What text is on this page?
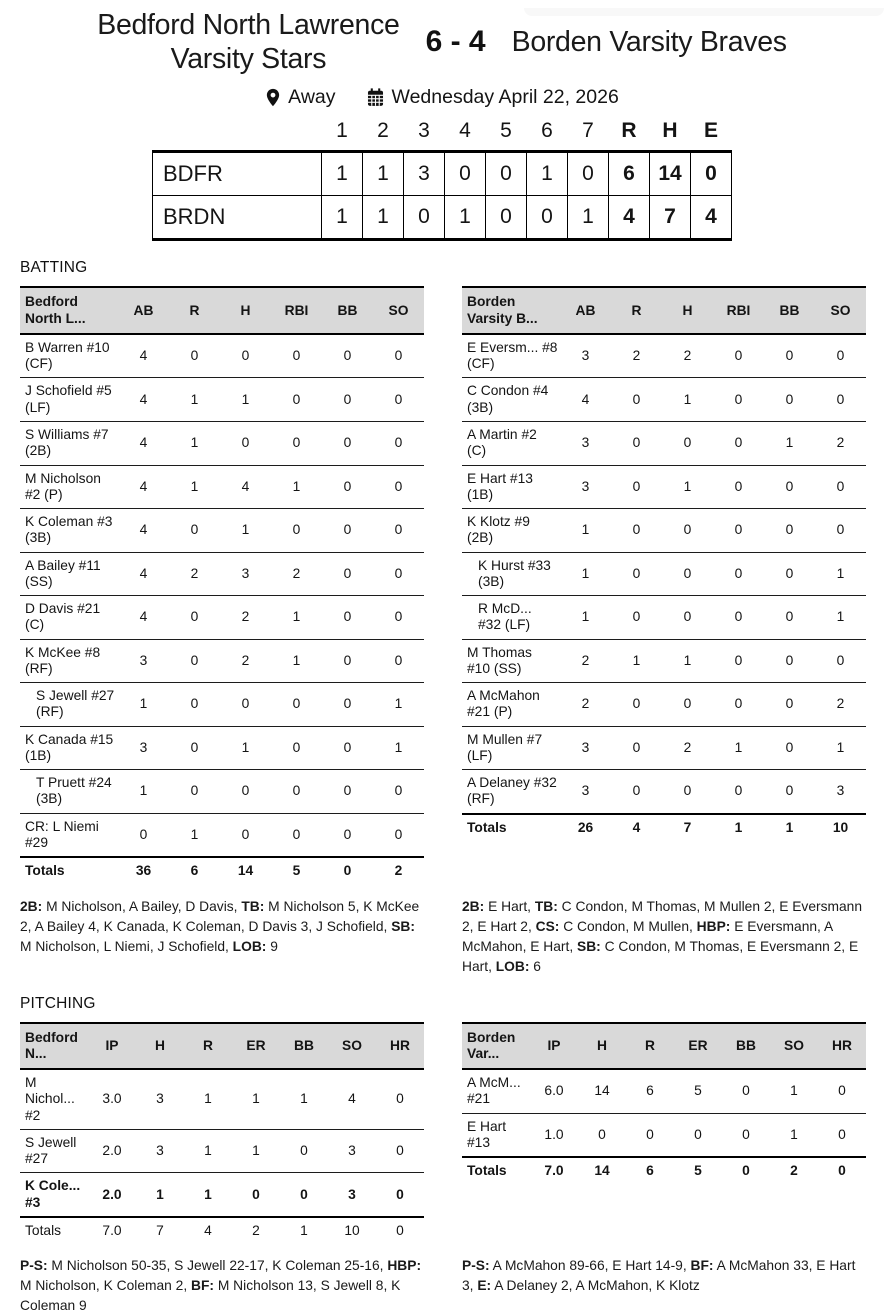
Bedford North Lawrence
Varsity Stars
6 - 4 Borden Varsity Braves
Away	Wednesday April 22, 2026
	1	2	3	4	5	6	7	R	H	E
BDFR	1	1	3	0	0	1	0	6	14	0
BRDN	1	1	0	1	0	0	1	4	7	4
BATTING
Bedford North L...	AB	R	H	RBI	BB	SO
B Warren #10 (CF)	4	0	0	0	0	0
J Schofield #5 (LF)	4	1	1	0	0	0
S Williams #7 (2B)	4	1	0	0	0	0
M Nicholson #2 (P)	4	1	4	1	0	0
K Coleman #3 (3B)	4	0	1	0	0	0
A Bailey #11 (SS)	4	2	3	2	0	0
D Davis #21 (C)	4	0	2	1	0	0
K McKee #8 (RF)	3	0	2	1	0	0
S Jewell #27 (RF)	1	0	0	0	0	1
K Canada #15 (1B)	3	0	1	0	0	1
T Pruett #24 (3B)	1	0	0	0	0	0
CR: L Niemi #29	0	1	0	0	0	0
Totals	36	6	14	5	0	2
Borden Varsity B...	AB	R	H	RBI	BB	SO
E Eversm... #8 (CF)	3	2	2	0	0	0
C Condon #4 (3B)	4	0	1	0	0	0
A Martin #2 (C)	3	0	0	0	1	2
E Hart #13 (1B)	3	0	1	0	0	0
K Klotz #9 (2B)	1	0	0	0	0	0
K Hurst #33 (3B)	1	0	0	0	0	1
R McD... #32 (LF)	1	0	0	0	0	1
M Thomas #10 (SS)	2	1	1	0	0	0
A McMahon #21 (P)	2	0	0	0	0	2
M Mullen #7 (LF)	3	0	2	1	0	1
A Delaney #32 (RF)	3	0	0	0	0	3
Totals	26	4	7	1	1	10

2B: M Nicholson, A Bailey, D Davis, TB: M Nicholson 5, K McKee 2, A Bailey 4, K Canada, K Coleman, D Davis 3, J Schofield, SB: M Nicholson, L Niemi, J Schofield, LOB: 9

2B: E Hart, TB: C Condon, M Thomas, M Mullen 2, E Eversmann 2, E Hart 2, CS: C Condon, M Mullen, HBP: E Eversmann, A McMahon, E Hart, SB: C Condon, M Thomas, E Eversmann 2, E Hart, LOB: 6

PITCHING
Bedford N...	IP	H	R	ER	BB	SO	HR
M Nichol... #2	3.0	3	1	1	1	4	0
S Jewell #27	2.0	3	1	1	0	3	0
K Cole... #3	2.0	1	1	0	0	3	0
Totals	7.0	7	4	2	1	10	0
Borden Var...	IP	H	R	ER	BB	SO	HR
A McM... #21	6.0	14	6	5	0	1	0
E Hart #13	1.0	0	0	0	0	1	0
Totals	7.0	14	6	5	0	2	0

P-S: M Nicholson 50-35, S Jewell 22-17, K Coleman 25-16, HBP: M Nicholson, K Coleman 2, BF: M Nicholson 13, S Jewell 8, K Coleman 9

P-S: A McMahon 89-66, E Hart 14-9, BF: A McMahon 33, E Hart 3, E: A Delaney 2, A McMahon, K Klotz
